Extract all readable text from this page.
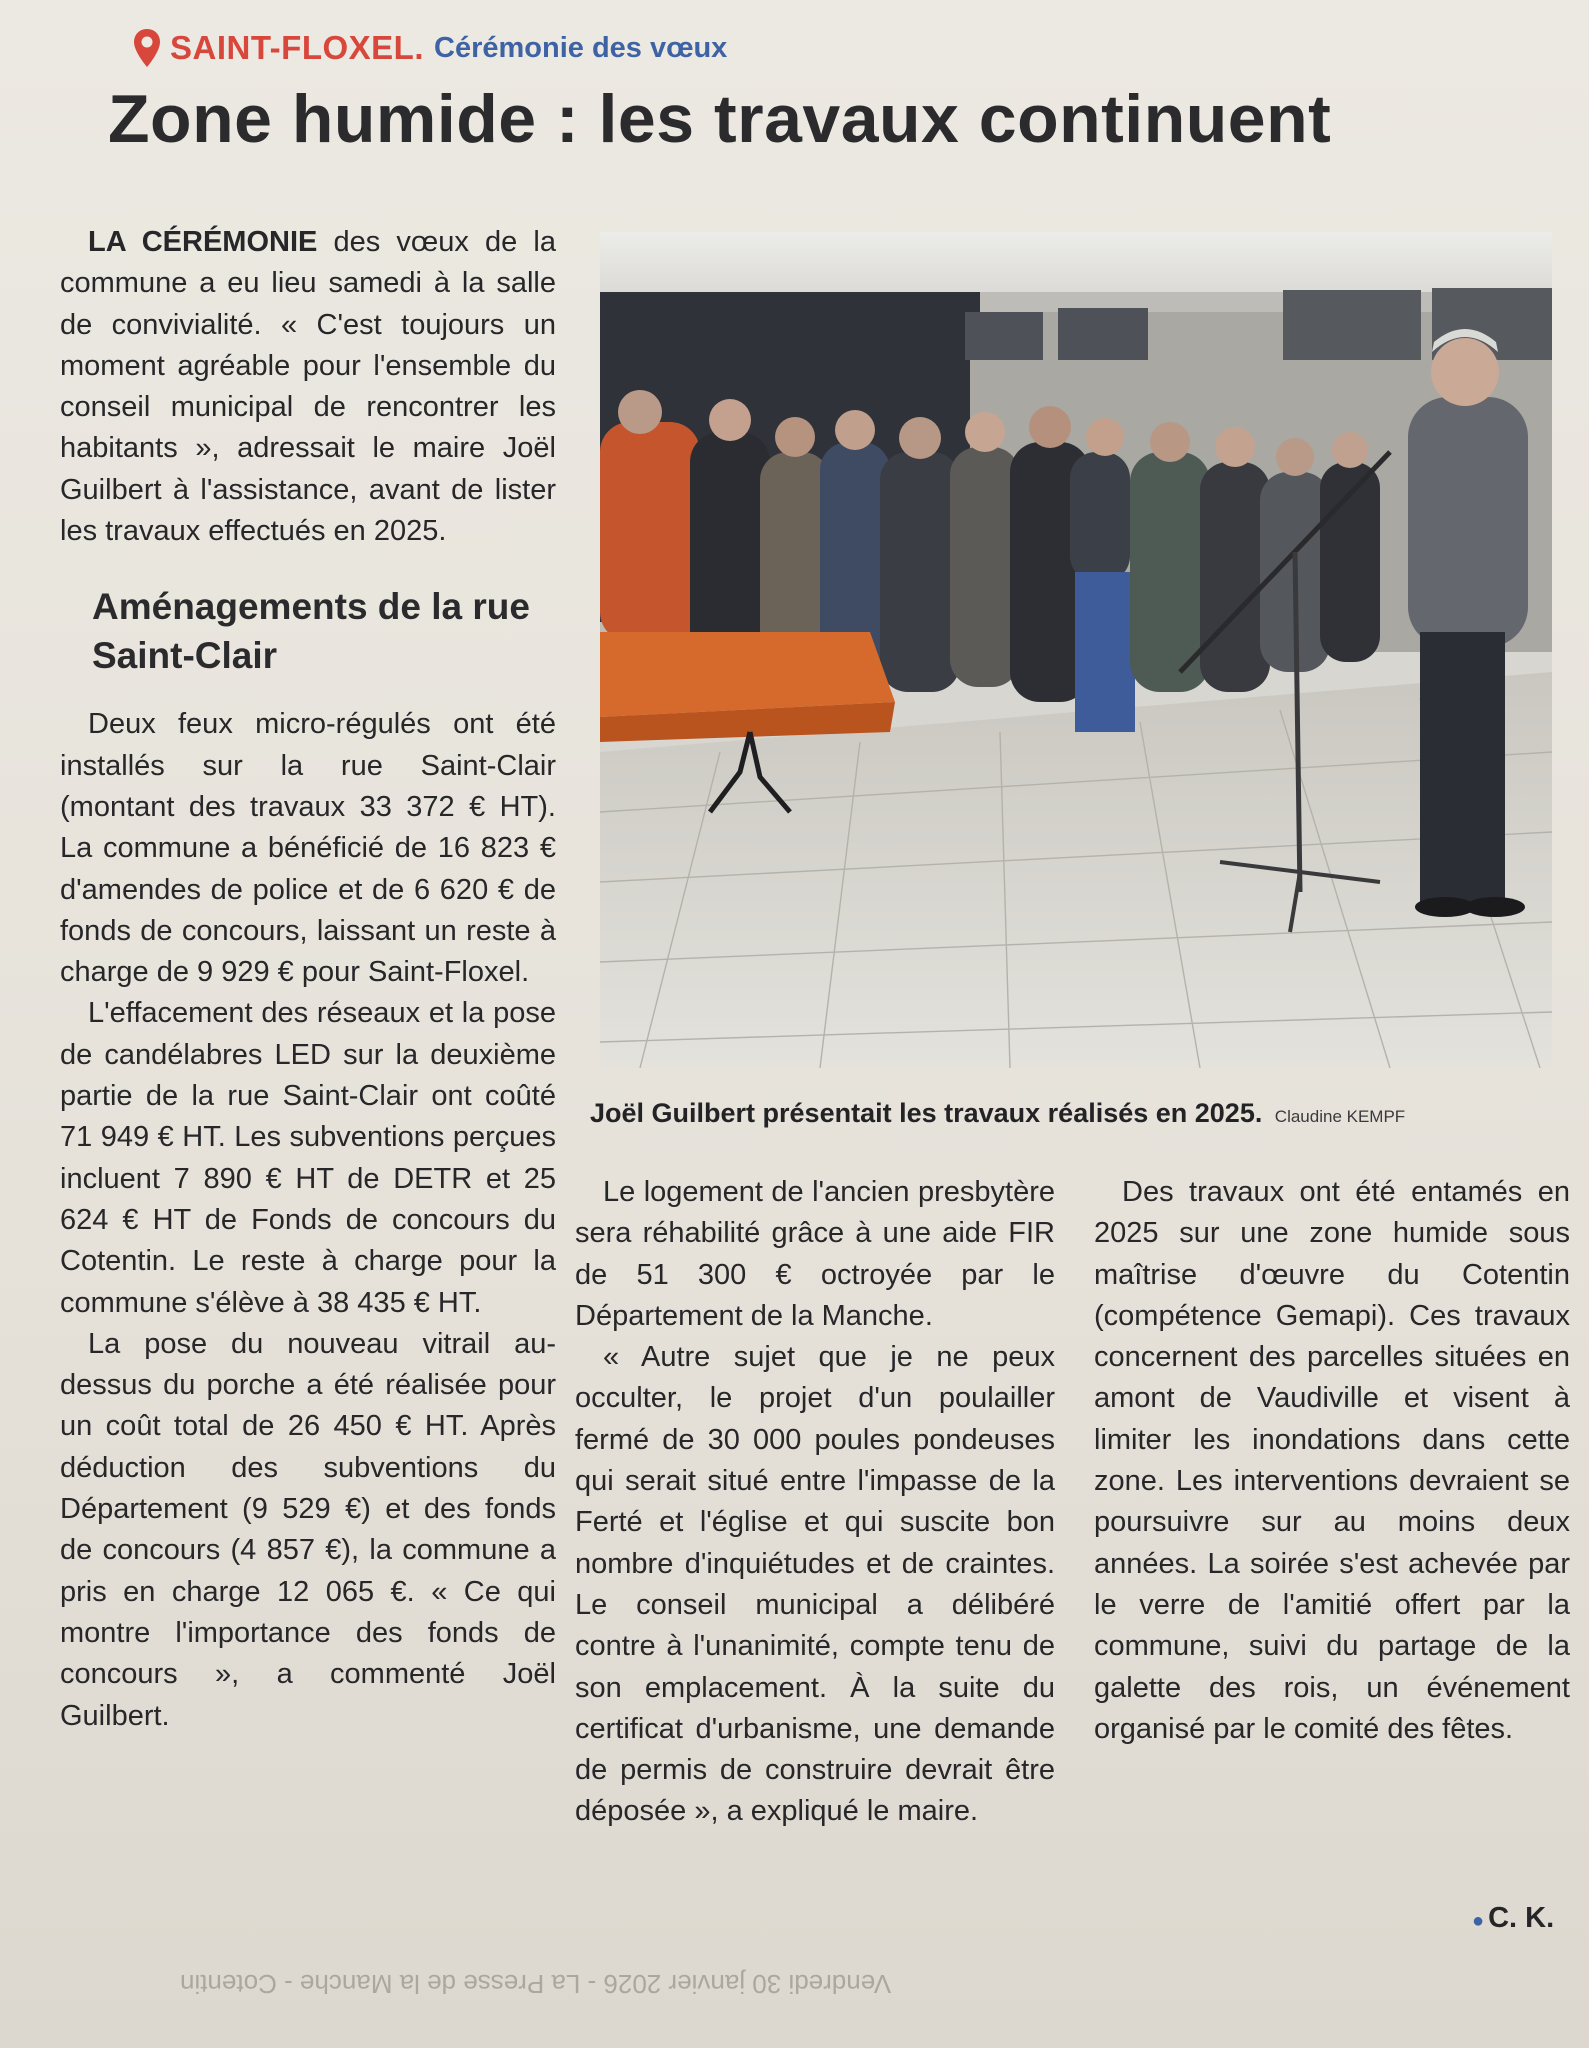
SAINT-FLOXEL. Cérémonie des vœux
Zone humide : les travaux continuent

LA CÉRÉMONIE des vœux de la commune a eu lieu samedi à la salle de convivialité. « C'est toujours un moment agréable pour l'ensemble du conseil municipal de rencontrer les habitants », adressait le maire Joël Guilbert à l'assistance, avant de lister les travaux effectués en 2025.

Aménagements de la rue Saint-Clair

Deux feux micro-régulés ont été installés sur la rue Saint-Clair (montant des travaux 33 372 € HT). La commune a bénéficié de 16 823 € d'amendes de police et de 6 620 € de fonds de concours, laissant un reste à charge de 9 929 € pour Saint-Floxel.

L'effacement des réseaux et la pose de candélabres LED sur la deuxième partie de la rue Saint-Clair ont coûté 71 949 € HT. Les subventions perçues incluent 7 890 € HT de DETR et 25 624 € HT de Fonds de concours du Cotentin. Le reste à charge pour la commune s'élève à 38 435 € HT.

La pose du nouveau vitrail au-dessus du porche a été réalisée pour un coût total de 26 450 € HT. Après déduction des subventions du Département (9 529 €) et des fonds de concours (4 857 €), la commune a pris en charge 12 065 €. « Ce qui montre l'importance des fonds de concours », a commenté Joël Guilbert.

Joël Guilbert présentait les travaux réalisés en 2025. Claudine KEMPF

Le logement de l'ancien presbytère sera réhabilité grâce à une aide FIR de 51 300 € octroyée par le Département de la Manche.

« Autre sujet que je ne peux occulter, le projet d'un poulailler fermé de 30 000 poules pondeuses qui serait situé entre l'impasse de la Ferté et l'église et qui suscite bon nombre d'inquiétudes et de craintes. Le conseil municipal a délibéré contre à l'unanimité, compte tenu de son emplacement. À la suite du certificat d'urbanisme, une demande de permis de construire devrait être déposée », a expliqué le maire.

Des travaux ont été entamés en 2025 sur une zone humide sous maîtrise d'œuvre du Cotentin (compétence Gemapi). Ces travaux concernent des parcelles situées en amont de Vaudiville et visent à limiter les inondations dans cette zone. Les interventions devraient se poursuivre sur au moins deux années. La soirée s'est achevée par le verre de l'amitié offert par la commune, suivi du partage de la galette des rois, un événement organisé par le comité des fêtes.

● C. K.
Vendredi 30 janvier 2026 - La Presse de la Manche - Cotentin
